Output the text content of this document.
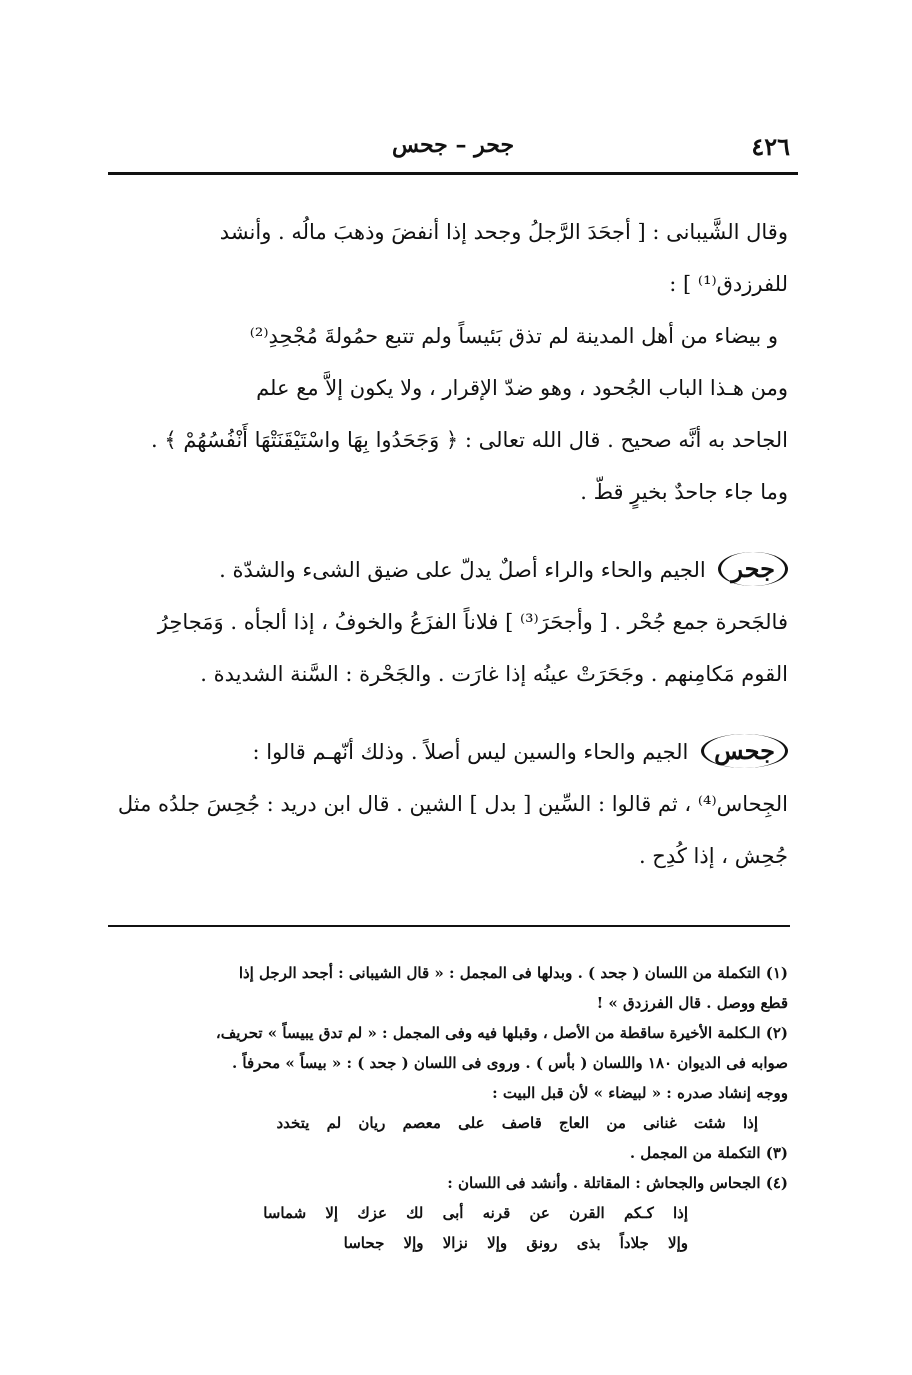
٤٢٦
جحر – جحس

وقال الشَّيبانى : [ أجحَدَ الرَّجلُ وجحد إذا أنفضَ وذهبَ مالُه . وأنشد

للفرزدق⁽¹⁾ ] :

و بيضاء من أهل المدينة لم تذق بَئيساً ولم تتبع حمُولةَ مُجْحِدِ⁽²⁾

ومن هـذا الباب الجُحود ، وهو ضدّ الإقرار ، ولا يكون إلاَّ مع علم

الجاحد به أنَّه صحيح . قال الله تعالى : ﴿ وَجَحَدُوا بِهَا واسْتَيْقَنَتْهَا أَنْفُسُهُمْ ﴾ .

وما جاء جاحدٌ بخيرٍ قطّ .

جحر الجيم والحاء والراء أصلٌ يدلّ على ضيق الشىء والشدّة .

فالجَحرة جمع جُحْر . [ وأجحَرَ⁽³⁾ ] فلاناً الفزَعُ والخوفُ ، إذا ألجأه . وَمَجاحِرُ

القوم مَكامِنهم . وجَحَرَتْ عينُه إذا غارَت . والجَحْرة : السَّنة الشديدة .

جحس الجيم والحاء والسين ليس أصلاً . وذلك أنّهـم قالوا :

الجِحاس⁽⁴⁾ ، ثم قالوا : السِّين [ بدل ] الشين . قال ابن دريد : جُحِسَ جلدُه مثل

جُحِش ، إذا كُدِح .

(١) التكملة من اللسان ( جحد ) . وبدلها فى المجمل : « قال الشيبانى : أجحد الرجل إذا

قطع ووصل . قال الفرزدق » !

(٢) الـكلمة الأخيرة ساقطة من الأصل ، وقبلها فيه وفى المجمل : « لم تدق يبيساً » تحريف،

صوابه فى الديوان ١٨٠ واللسان ( بأس ) . وروى فى اللسان ( جحد ) : « بيساً » محرفاً .

ووجه إنشاد صدره : « لبيضاء » لأن قبل البيت :

إذا شئت غنانى من العاج قاصف على معصم ريان لم يتخدد

(٣) التكملة من المجمل .

(٤) الجحاس والجحاش : المقاتلة . وأنشد فى اللسان :

إذا كـكم القرن عن قرنه أبى لك عزك إلا شماسا

وإلا جلاداً بذى رونق وإلا نزالا وإلا جحاسا
